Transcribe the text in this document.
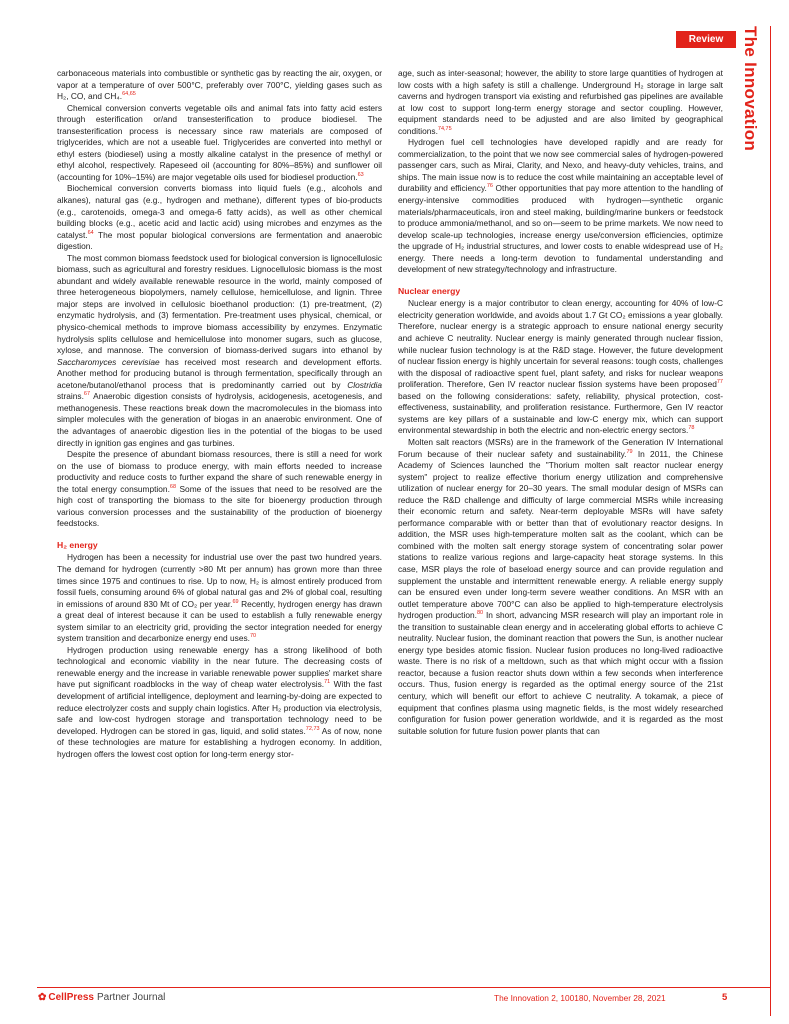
Review	The Innovation

carbonaceous materials into combustible or synthetic gas by reacting the air, oxygen, or vapor at a temperature of over 500°C, preferably over 700°C, yielding gases such as H₂, CO, and CH₄.$^{64,65}$

Chemical conversion converts vegetable oils and animal fats into fatty acid esters through esterification or/and transesterification to produce biodiesel. The transesterification process is necessary since raw materials are composed of triglycerides, which are not a useable fuel. Triglycerides are converted into methyl or ethyl esters (biodiesel) using a mostly alkaline catalyst in the presence of methyl or ethyl alcohol, respectively. Rapeseed oil (accounting for 80%–85%) and sunflower oil (accounting for 10%–15%) are major vegetable oils used for biodiesel production.$^{63}$

Biochemical conversion converts biomass into liquid fuels (e.g., alcohols and alkanes), natural gas (e.g., hydrogen and methane), different types of bio-products (e.g., carotenoids, omega-3 and omega-6 fatty acids), as well as other chemical building blocks (e.g., acetic acid and lactic acid) using microbes and enzymes as the catalyst.$^{64}$ The most popular biological conversions are fermentation and anaerobic digestion.

The most common biomass feedstock used for biological conversion is lignocellulosic biomass, such as agricultural and forestry residues. Lignocellulosic biomass is the most abundant and widely available renewable resource in the world, mainly composed of three heterogeneous biopolymers, namely cellulose, hemicellulose, and lignin. Three major steps are involved in cellulosic bioethanol production: (1) pre-treatment, (2) enzymatic hydrolysis, and (3) fermentation. Pre-treatment uses physical, chemical, or physico-chemical methods to improve biomass accessibility by enzymes. Enzymatic hydrolysis splits cellulose and hemicellulose into monomer sugars, such as glucose, xylose, and mannose. The conversion of biomass-derived sugars into ethanol by Saccharomyces cerevisiae has received most research and development efforts. Another method for producing butanol is through fermentation, specifically through an acetone/butanol/ethanol process that is predominantly carried out by Clostridia strains.$^{67}$ Anaerobic digestion consists of hydrolysis, acidogenesis, acetogenesis, and methanogenesis. These reactions break down the macromolecules in the biomass into simpler molecules with the generation of biogas in an anaerobic environment. One of the advantages of anaerobic digestion lies in the potential of the biogas to be used directly in ignition gas engines and gas turbines.

Despite the presence of abundant biomass resources, there is still a need for work on the use of biomass to produce energy, with main efforts needed to increase productivity and reduce costs to further expand the share of such renewable energy in the total energy consumption.$^{68}$ Some of the issues that need to be resolved are the high cost of transporting the biomass to the site for bioenergy production through various conversion processes and the sustainability of the production of bioenergy feedstocks.

H₂ energy

Hydrogen has been a necessity for industrial use over the past two hundred years. The demand for hydrogen (currently >80 Mt per annum) has grown more than three times since 1975 and continues to rise. Up to now, H₂ is almost entirely produced from fossil fuels, consuming around 6% of global natural gas and 2% of global coal, resulting in emissions of around 830 Mt of CO₂ per year.$^{69}$ Recently, hydrogen energy has drawn a great deal of interest because it can be used to establish a fully renewable energy system similar to an electricity grid, providing the sector integration needed for energy system transition and decarbonize energy end uses.$^{70}$

Hydrogen production using renewable energy has a strong likelihood of both technological and economic viability in the near future. The decreasing costs of renewable energy and the increase in variable renewable power supplies' market share have put significant roadblocks in the way of cheap water electrolysis.$^{71}$ With the fast development of artificial intelligence, deployment and learning-by-doing are expected to reduce electrolyzer costs and supply chain logistics. After H₂ production via electrolysis, safe and low-cost hydrogen storage and transportation technology need to be developed. Hydrogen can be stored in gas, liquid, and solid states.$^{72,73}$ As of now, none of these technologies are mature for establishing a hydrogen economy. In addition, hydrogen offers the lowest cost option for long-term energy stor-

age, such as inter-seasonal; however, the ability to store large quantities of hydrogen at low costs with a high safety is still a challenge. Underground H₂ storage in large salt caverns and hydrogen transport via existing and refurbished gas pipelines are available at low cost to support long-term energy storage and sector coupling. However, equipment standards need to be adjusted and are also limited by geographical conditions.$^{74,75}$

Hydrogen fuel cell technologies have developed rapidly and are ready for commercialization, to the point that we now see commercial sales of hydrogen-powered passenger cars, such as Mirai, Clarity, and Nexo, and heavy-duty vehicles, trains, and ships. The main issue now is to reduce the cost while maintaining an acceptable level of durability and efficiency.$^{76}$ Other opportunities that pay more attention to the handling of energy-intensive commodities produced with hydrogen—synthetic organic materials/pharmaceuticals, iron and steel making, building/marine bunkers or feedstock to produce ammonia/methanol, and so on—seem to be prime markets. We now need to develop scale-up technologies, increase energy use/conversion efficiencies, optimize the upgrade of H₂ industrial structures, and lower costs to enable widespread use of H₂ energy. There needs a long-term devotion to fundamental understanding and development of new strategy/technology and infrastructure.

Nuclear energy

Nuclear energy is a major contributor to clean energy, accounting for 40% of low-C electricity generation worldwide, and avoids about 1.7 Gt CO₂ emissions a year globally. Therefore, nuclear energy is a strategic approach to ensure national energy security and achieve C neutrality. Nuclear energy is mainly generated through nuclear fission, while nuclear fusion technology is at the R&D stage. However, the future development of nuclear fission energy is highly uncertain for several reasons: tough costs, challenges with the disposal of radioactive spent fuel, plant safety, and risks for nuclear weapons proliferation. Therefore, Gen IV reactor nuclear fission systems have been proposed$^{77}$ based on the following considerations: safety, reliability, physical protection, cost-effectiveness, sustainability, and proliferation resistance. Furthermore, Gen IV reactor systems are key pillars of a sustainable and low-C energy mix, which can support environmental stewardship in both the electric and non-electric energy sectors.$^{78}$

Molten salt reactors (MSRs) are in the framework of the Generation IV International Forum because of their nuclear safety and sustainability.$^{79}$ In 2011, the Chinese Academy of Sciences launched the "Thorium molten salt reactor nuclear energy system" project to realize effective thorium energy utilization and comprehensive utilization of nuclear energy for 20–30 years. The small modular design of MSRs can reduce the R&D challenge and difficulty of large commercial MSRs while increasing their economic return and safety. Near-term deployable MSRs will have safety performance comparable with or better than that of evolutionary reactor designs. In addition, the MSR uses high-temperature molten salt as the coolant, which can be combined with the molten salt energy storage system of concentrating solar power stations to realize various regions and large-capacity heat storage systems. In this case, MSR plays the role of baseload energy source and can provide regulation and supplement the unstable and intermittent renewable energy. A reliable energy supply can be ensured even under long-term severe weather conditions. An MSR with an outlet temperature above 700°C can also be applied to high-temperature electrolysis hydrogen production.$^{80}$ In short, advancing MSR research will play an important role in the transition to sustainable clean energy and in accelerating global efforts to achieve C neutrality. Nuclear fusion, the dominant reaction that powers the Sun, is another nuclear energy type besides atomic fission. Nuclear fusion produces no long-lived radioactive waste. There is no risk of a meltdown, such as that which might occur with a fission reactor, because a fusion reactor shuts down within a few seconds when interference occurs. Thus, fusion energy is regarded as the optimal energy source of the 21st century, which will benefit our effort to achieve C neutrality. A tokamak, a piece of equipment that confines plasma using magnetic fields, is the most widely researched configuration for fusion power generation worldwide, and it is regarded as the most suitable solution for future fusion power plants that can

✿ CellPress Partner Journal	The Innovation 2, 100180, November 28, 2021	5
